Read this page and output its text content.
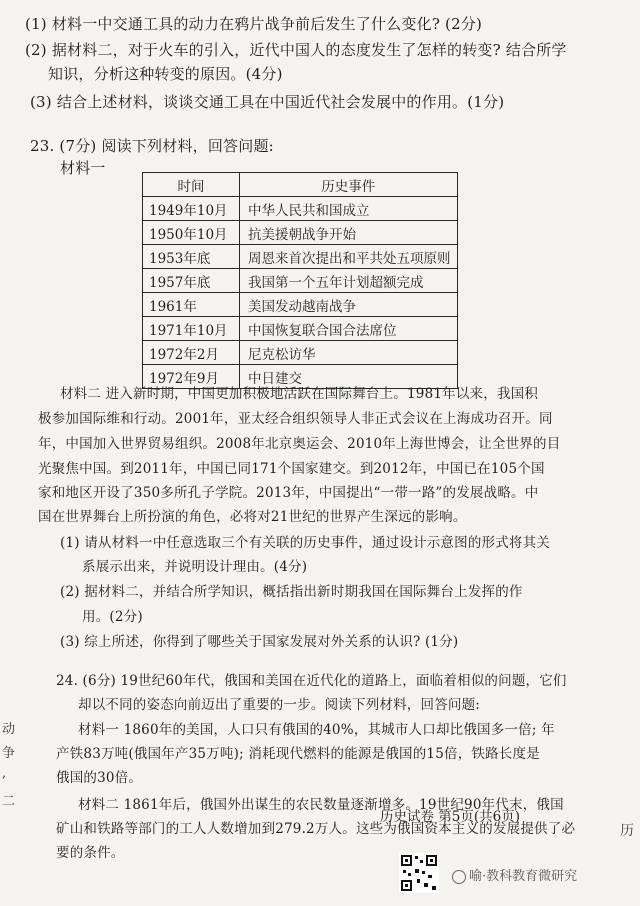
(1) 材料一中交通工具的动力在鸦片战争前后发生了什么变化? (2分)
(2) 据材料二，对于火车的引入，近代中国人的态度发生了怎样的转变? 结合所学
知识，分析这种转变的原因。(4分)
(3) 结合上述材料，谈谈交通工具在中国近代社会发展中的作用。(1分)
23. (7分) 阅读下列材料，回答问题:
材料一
时间	历史事件
1949年10月	中华人民共和国成立
1950年10月	抗美援朝战争开始
1953年底	周恩来首次提出和平共处五项原则
1957年底	我国第一个五年计划超额完成
1961年	美国发动越南战争
1971年10月	中国恢复联合国合法席位
1972年2月	尼克松访华
1972年9月	中日建交
材料二 进入新时期，中国更加积极地活跃在国际舞台上。1981年以来，我国积
极参加国际维和行动。2001年，亚太经合组织领导人非正式会议在上海成功召开。同
年，中国加入世界贸易组织。2008年北京奥运会、2010年上海世博会，让全世界的目
光聚焦中国。到2011年，中国已同171个国家建交。到2012年，中国已在105个国
家和地区开设了350多所孔子学院。2013年，中国提出“一带一路”的发展战略。中
国在世界舞台上所扮演的角色，必将对21世纪的世界产生深远的影响。
(1) 请从材料一中任意选取三个有关联的历史事件，通过设计示意图的形式将其关
系展示出来，并说明设计理由。(4分)
(2) 据材料二，并结合所学知识，概括指出新时期我国在国际舞台上发挥的作
用。(2分)
(3) 综上所述，你得到了哪些关于国家发展对外关系的认识? (1分)
24. (6分) 19世纪60年代，俄国和美国在近代化的道路上，面临着相似的问题，它们
却以不同的姿态向前迈出了重要的一步。阅读下列材料，回答问题:
材料一 1860年的美国，人口只有俄国的40%，其城市人口却比俄国多一倍; 年
产铁83万吨(俄国年产35万吨); 消耗现代燃料的能源是俄国的15倍，铁路长度是
俄国的30倍。
材料二 1861年后，俄国外出谋生的农民数量逐渐增多。19世纪90年代末，俄国
矿山和铁路等部门的工人人数增加到279.2万人。这些为俄国资本主义的发展提供了必
要的条件。
动
争
,
二
历史试卷 第5页(共6页)
历
喻·教科教育微研究
